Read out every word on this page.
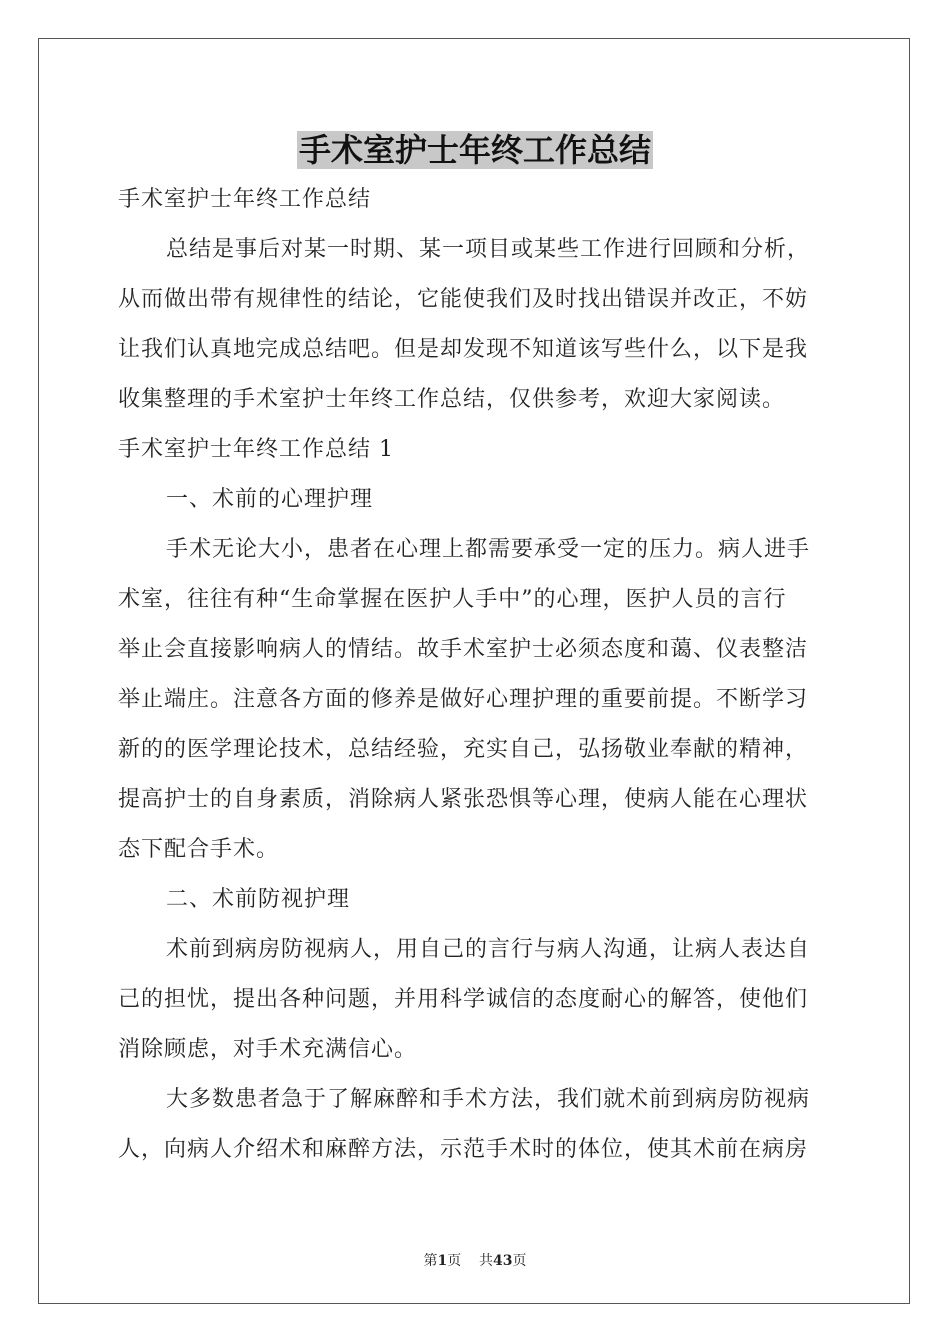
手术室护士年终工作总结
手术室护士年终工作总结
总结是事后对某一时期、某一项目或某些工作进行回顾和分析，
从而做出带有规律性的结论，它能使我们及时找出错误并改正，不妨
让我们认真地完成总结吧。但是却发现不知道该写些什么，以下是我
收集整理的手术室护士年终工作总结，仅供参考，欢迎大家阅读。
手术室护士年终工作总结 1
一、术前的心理护理
手术无论大小，患者在心理上都需要承受一定的压力。病人进手
术室，往往有种“生命掌握在医护人手中”的心理，医护人员的言行
举止会直接影响病人的情结。故手术室护士必须态度和蔼、仪表整洁
举止端庄。注意各方面的修养是做好心理护理的重要前提。不断学习
新的的医学理论技术，总结经验，充实自己，弘扬敬业奉献的精神，
提高护士的自身素质，消除病人紧张恐惧等心理，使病人能在心理状
态下配合手术。
二、术前防视护理
术前到病房防视病人，用自己的言行与病人沟通，让病人表达自
己的担忧，提出各种问题，并用科学诚信的态度耐心的解答，使他们
消除顾虑，对手术充满信心。
大多数患者急于了解麻醉和手术方法，我们就术前到病房防视病
人，向病人介绍术和麻醉方法，示范手术时的体位，使其术前在病房
第1页    共43页
